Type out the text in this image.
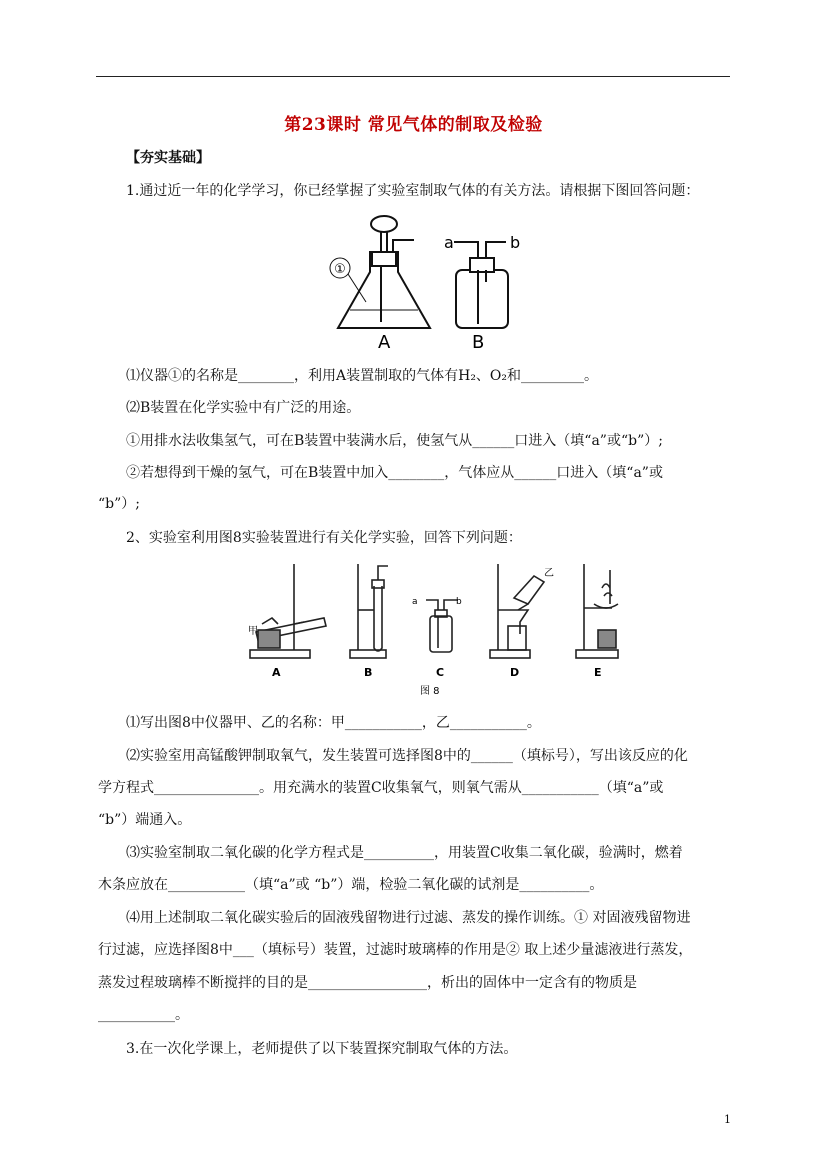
第23课时 常见气体的制取及检验
【夯实基础】
1.通过近一年的化学学习，你已经掌握了实验室制取气体的有关方法。请根据下图回答问题：
①
a	b
A	B
⑴仪器①的名称是________，利用A装置制取的气体有H₂、O₂和_________。
⑵B装置在化学实验中有广泛的用途。
①用排水法收集氢气，可在B装置中装满水后，使氢气从______口进入（填“a”或“b”）;
②若想得到干燥的氢气，可在B装置中加入________，气体应从______口进入（填“a”或
“b”）;
2、实验室利用图8实验装置进行有关化学实验，回答下列问题：
甲
a	b
乙
A	B	C	D	E
图 8
⑴写出图8中仪器甲、乙的名称：甲___________，乙___________。
⑵实验室用高锰酸钾制取氧气，发生装置可选择图8中的______（填标号），写出该反应的化
学方程式_______________。用充满水的装置C收集氧气，则氧气需从___________（填“a”或
“b”）端通入。
⑶实验室制取二氧化碳的化学方程式是__________，用装置C收集二氧化碳，验满时，燃着
木条应放在___________（填“a”或 “b”）端，检验二氧化碳的试剂是__________。
⑷用上述制取二氧化碳实验后的固液残留物进行过滤、蒸发的操作训练。① 对固液残留物进
行过滤，应选择图8中___（填标号）装置，过滤时玻璃棒的作用是② 取上述少量滤液进行蒸发，
蒸发过程玻璃棒不断搅拌的目的是_________________，析出的固体中一定含有的物质是
___________。
3.在一次化学课上，老师提供了以下装置探究制取气体的方法。
1
